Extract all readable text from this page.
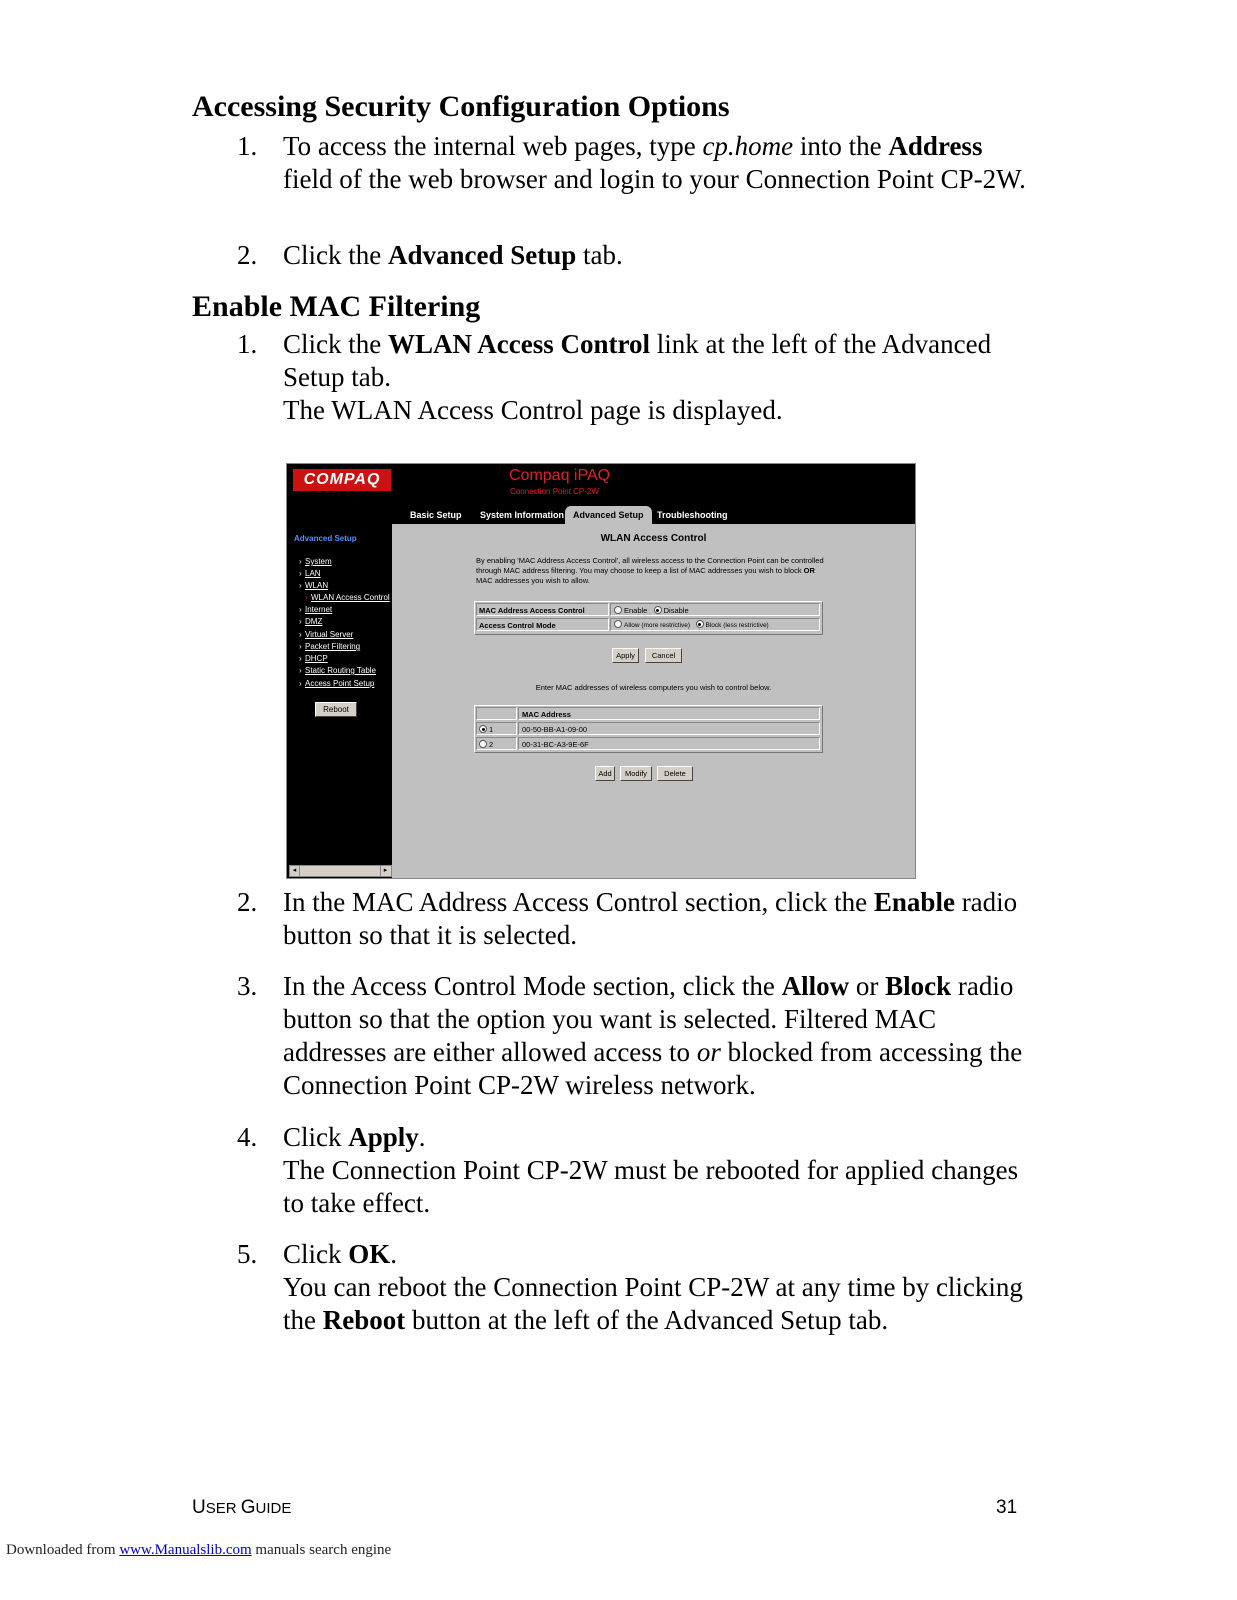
Accessing Security Configuration Options
1. To access the internal web pages, type cp.home into the Address field of the web browser and login to your Connection Point CP-2W.
2. Click the Advanced Setup tab.
Enable MAC Filtering
1. Click the WLAN Access Control link at the left of the Advanced Setup tab.

The WLAN Access Control page is displayed.

COMPAQ	Compaq iPAQ
Connection Point CP-2W
Basic Setup System Information Advanced Setup	Troubleshooting
Advanced Setup
› System
› LAN
› WLAN
› WLAN Access Control
› Internet
› DMZ
› Virtual Server
› Packet Filtering
› DHCP
› Static Routing Table
› Access Point Setup
Reboot
◂	▸
WLAN Access Control
By enabling 'MAC Address Access Control', all wireless access to the Connection Point can be controlled through MAC address filtering. You may choose to keep a list of MAC addresses you wish to block OR MAC addresses you wish to allow.
MAC Address Access Control	Enable Disable
Access Control Mode	Allow (more restrictive) Block (less restrictive)
Apply	Cancel
Enter MAC addresses of wireless computers you wish to control below.
MAC Address
1	00-50-BB-A1-09-00
2	00-31-BC-A3-9E-6F
Add	Modify	Delete
2. In the MAC Address Access Control section, click the Enable radio button so that it is selected.
3. In the Access Control Mode section, click the Allow or Block radio button so that the option you want is selected. Filtered MAC addresses are either allowed access to or blocked from accessing the Connection Point CP-2W wireless network.
4. Click Apply.

The Connection Point CP-2W must be rebooted for applied changes to take effect.

5. Click OK.

You can reboot the Connection Point CP-2W at any time by clicking the Reboot button at the left of the Advanced Setup tab.

USER GUIDE	31
Downloaded from www.Manualslib.com manuals search engine
